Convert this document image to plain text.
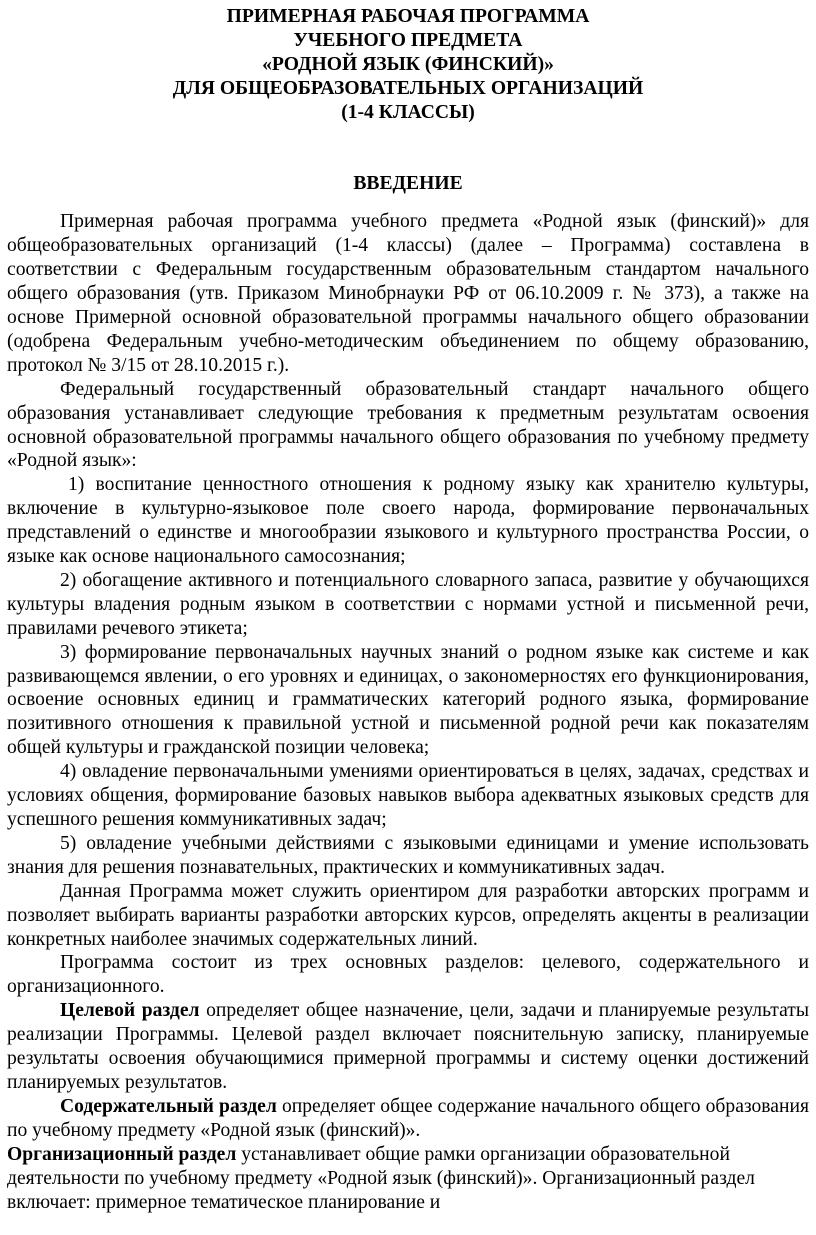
ПРИМЕРНАЯ РАБОЧАЯ ПРОГРАММА
УЧЕБНОГО ПРЕДМЕТА
«РОДНОЙ ЯЗЫК (ФИНСКИЙ)»
ДЛЯ ОБЩЕОБРАЗОВАТЕЛЬНЫХ ОРГАНИЗАЦИЙ
(1-4 КЛАССЫ)
ВВЕДЕНИЕ

Примерная рабочая программа учебного предмета «Родной язык (финский)» для общеобразовательных организаций (1-4 классы) (далее – Программа) составлена в соответствии с Федеральным государственным образовательным стандартом начального общего образования (утв. Приказом Минобрнауки РФ от 06.10.2009 г. № 373), а также на основе Примерной основной образовательной программы начального общего образовании (одобрена Федеральным учебно-методическим объединением по общему образованию, протокол № 3/15 от 28.10.2015 г.).

Федеральный государственный образовательный стандарт начального общего образования устанавливает следующие требования к предметным результатам освоения основной образовательной программы начального общего образования по учебному предмету «Родной язык»:

1) воспитание ценностного отношения к родному языку как хранителю культуры, включение в культурно-языковое поле своего народа, формирование первоначальных представлений о единстве и многообразии языкового и культурного пространства России, о языке как основе национального самосознания;

2) обогащение активного и потенциального словарного запаса, развитие у обучающихся культуры владения родным языком в соответствии с нормами устной и письменной речи, правилами речевого этикета;

3) формирование первоначальных научных знаний о родном языке как системе и как развивающемся явлении, о его уровнях и единицах, о закономерностях его функционирования, освоение основных единиц и грамматических категорий родного языка, формирование позитивного отношения к правильной устной и письменной родной речи как показателям общей культуры и гражданской позиции человека;

4) овладение первоначальными умениями ориентироваться в целях, задачах, средствах и условиях общения, формирование базовых навыков выбора адекватных языковых средств для успешного решения коммуникативных задач;

5) овладение учебными действиями с языковыми единицами и умение использовать знания для решения познавательных, практических и коммуникативных задач.

Данная Программа может служить ориентиром для разработки авторских программ и позволяет выбирать варианты разработки авторских курсов, определять акценты в реализации конкретных наиболее значимых содержательных линий.

Программа состоит из трех основных разделов: целевого, содержательного и организационного.

Целевой раздел определяет общее назначение, цели, задачи и планируемые результаты реализации Программы. Целевой раздел включает пояснительную записку, планируемые результаты освоения обучающимися примерной программы и систему оценки достижений планируемых результатов.

Содержательный раздел определяет общее содержание начального общего образования по учебному предмету «Родной язык (финский)».

Организационный раздел устанавливает общие рамки организации образовательной
деятельности по учебному предмету «Родной язык (финский)». Организационный раздел
включает: примерное тематическое планирование и
